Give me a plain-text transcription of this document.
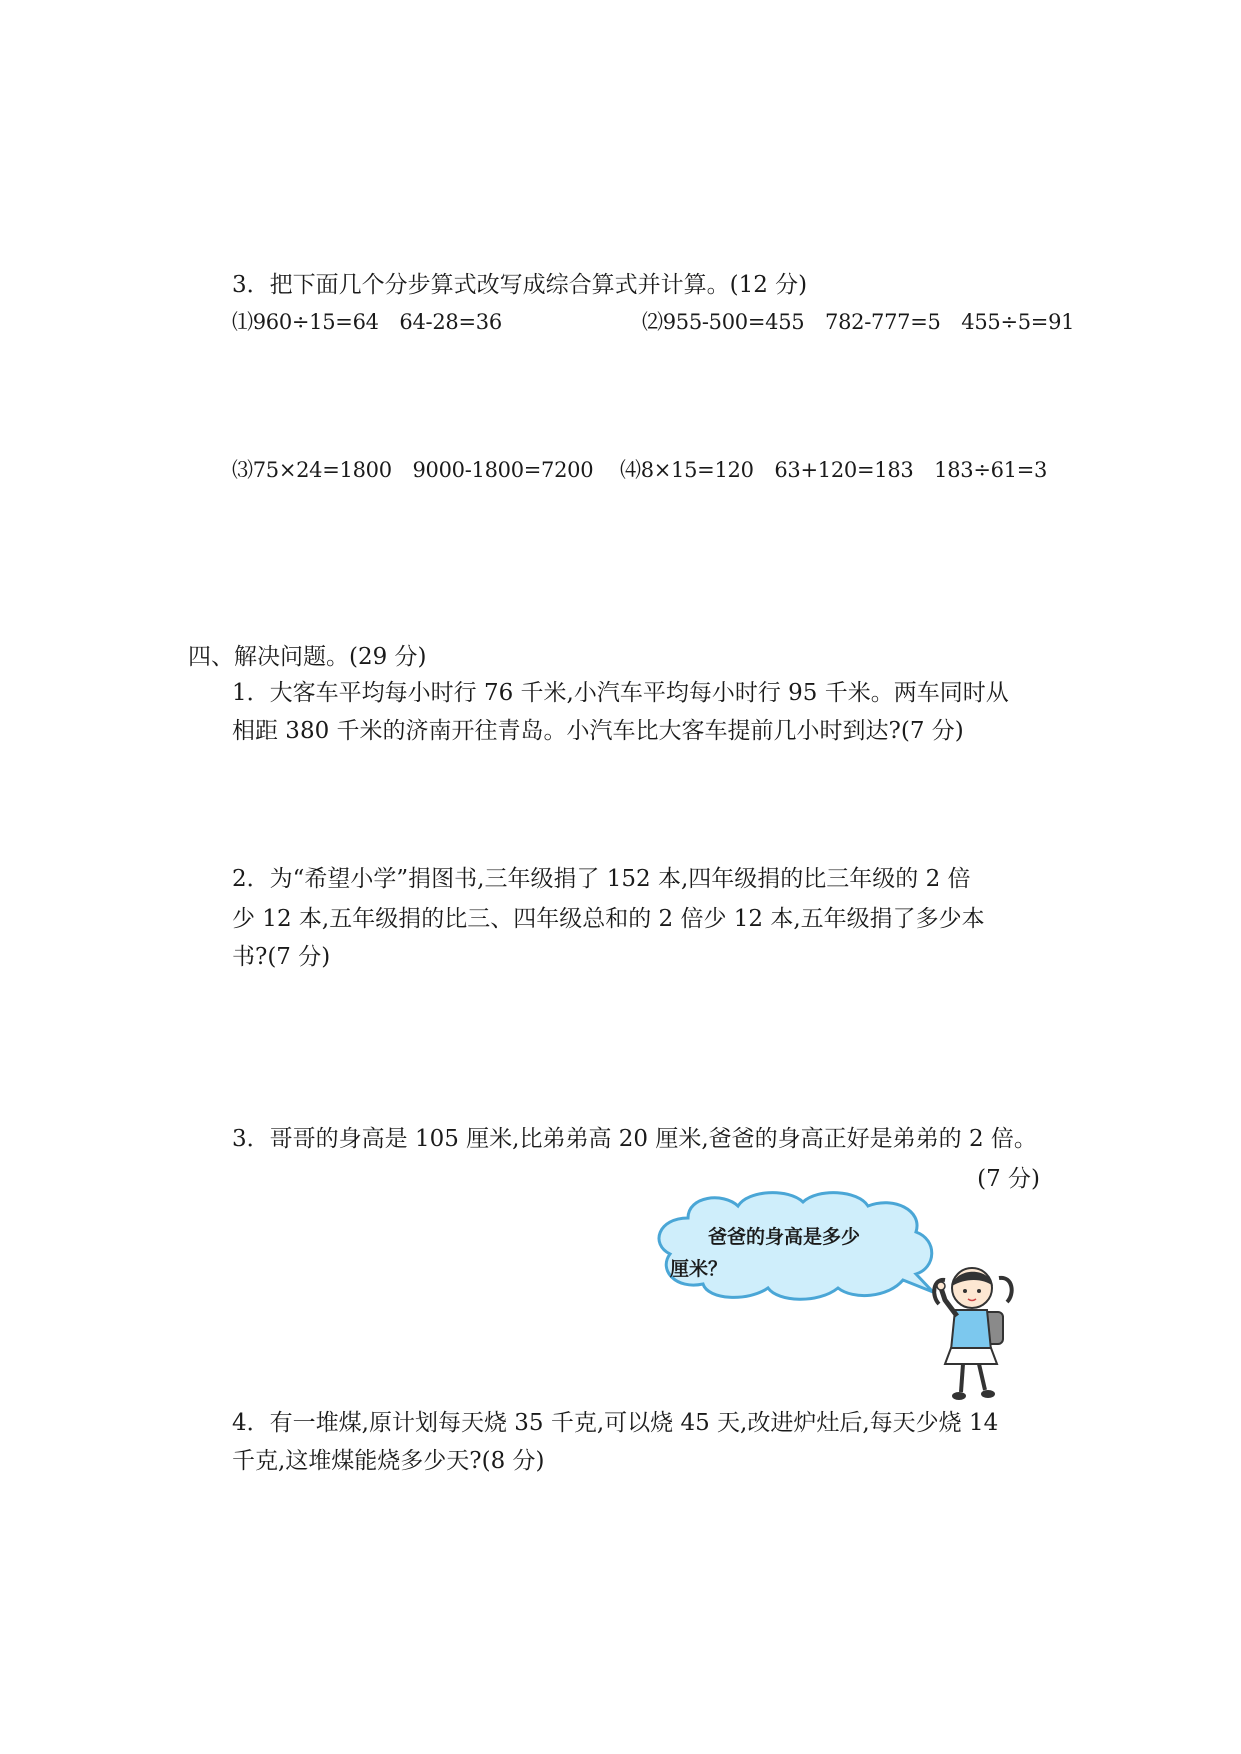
3．把下面几个分步算式改写成综合算式并计算。(12 分)
⑴960÷15=64　64-28=36	⑵955-500=455　782-777=5　455÷5=91
⑶75×24=1800　9000-1800=7200 ⑷8×15=120　63+120=183　183÷61=3
四、解决问题。(29 分)
1．大客车平均每小时行 76 千米,小汽车平均每小时行 95 千米。两车同时从
相距 380 千米的济南开往青岛。小汽车比大客车提前几小时到达?(7 分)
2．为“希望小学”捐图书,三年级捐了 152 本,四年级捐的比三年级的 2 倍
少 12 本,五年级捐的比三、四年级总和的 2 倍少 12 本,五年级捐了多少本
书?(7 分)
3．哥哥的身高是 105 厘米,比弟弟高 20 厘米,爸爸的身高正好是弟弟的 2 倍。
(7 分)
爸爸的身高是多少
厘米？
4．有一堆煤,原计划每天烧 35 千克,可以烧 45 天,改进炉灶后,每天少烧 14
千克,这堆煤能烧多少天?(8 分)
